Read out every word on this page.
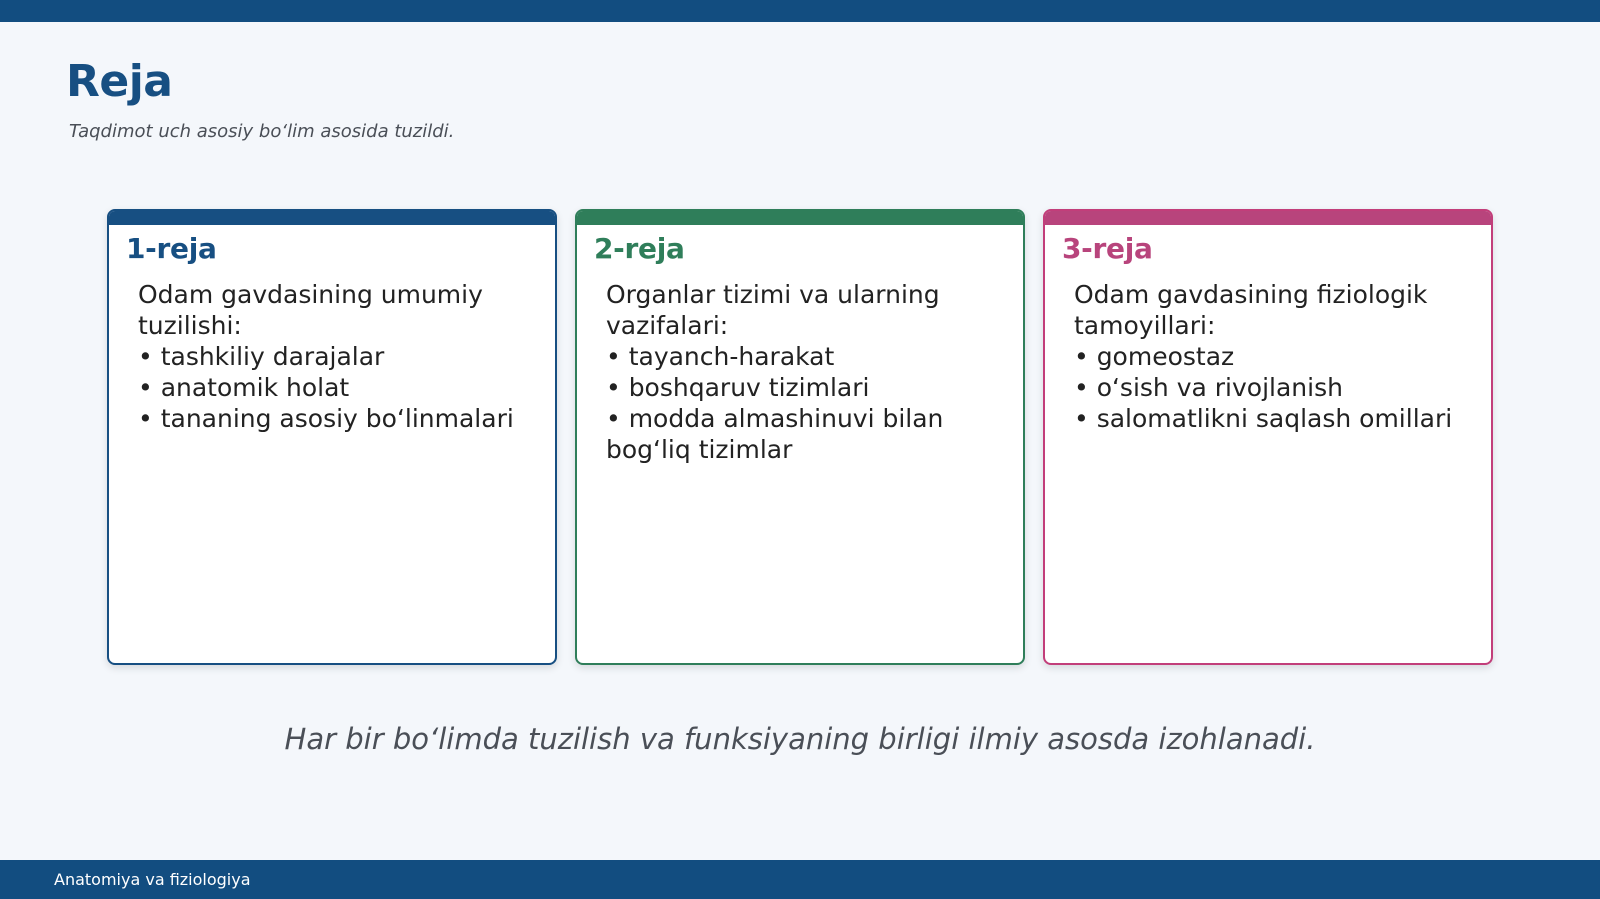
Reja
Taqdimot uch asosiy bo‘lim asosida tuzildi.
1-reja
Odam gavdasining umumiy tuzilishi:
• tashkiliy darajalar
• anatomik holat
• tananing asosiy bo‘linmalari
2-reja
Organlar tizimi va ularning vazifalari:
• tayanch-harakat
• boshqaruv tizimlari
• modda almashinuvi bilan bog‘liq tizimlar
3-reja
Odam gavdasining fiziologik tamoyillari:
• gomeostaz
• o‘sish va rivojlanish
• salomatlikni saqlash omillari
Har bir bo‘limda tuzilish va funksiyaning birligi ilmiy asosda izohlanadi.
Anatomiya va fiziologiya
